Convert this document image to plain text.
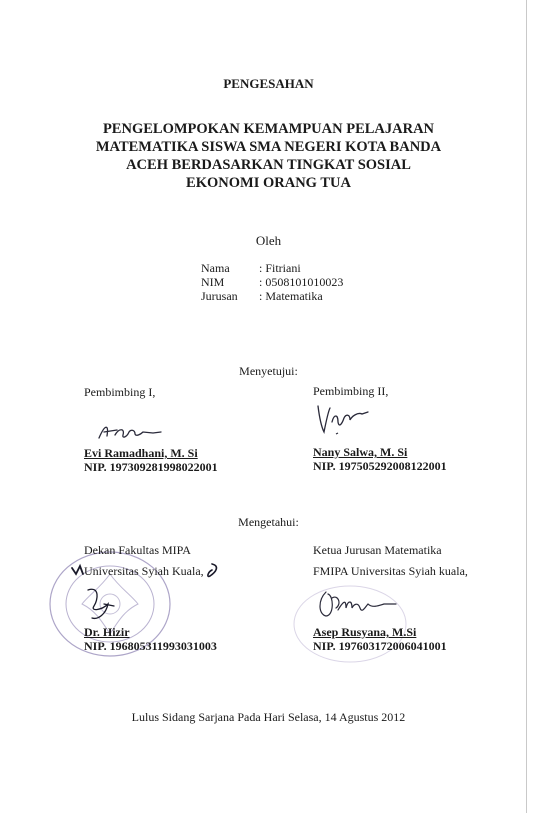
PENGESAHAN
PENGELOMPOKAN KEMAMPUAN PELAJARAN
MATEMATIKA SISWA SMA NEGERI KOTA BANDA
ACEH BERDASARKAN TINGKAT SOSIAL
EKONOMI ORANG TUA
Oleh
Nama	: Fitriani
NIM	: 0508101010023
Jurusan	: Matematika
Menyetujui:
Pembimbing I,
Evi Ramadhani, M. Si
NIP. 197309281998022001
Pembimbing II,
Nany Salwa, M. Si
NIP. 197505292008122001
Mengetahui:
Dekan Fakultas MIPA
Universitas Syiah Kuala,
Dr. Hizir
NIP. 196805311993031003
Ketua Jurusan Matematika
FMIPA Universitas Syiah kuala,
Asep Rusyana, M.Si
NIP. 197603172006041001
Lulus Sidang Sarjana Pada Hari Selasa, 14 Agustus 2012
